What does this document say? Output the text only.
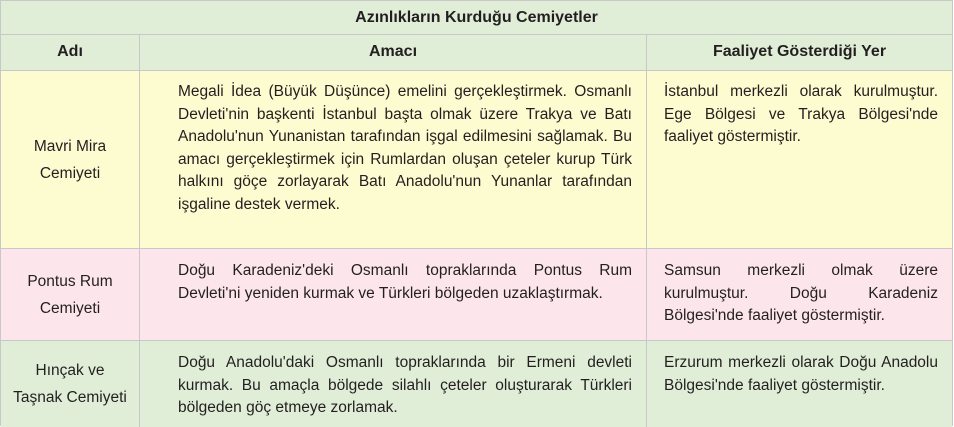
Azınlıkların Kurduğu Cemiyetler
Adı	Amacı	Faaliyet Gösterdiği Yer
Mavri Mira Cemiyeti
Megali İdea (Büyük Düşünce) emelini gerçekleştirmek. Osmanlı Devleti'nin başkenti İstanbul başta olmak üzere Trakya ve Batı Anadolu'nun Yunanistan tarafından işgal edilmesini sağlamak. Bu amacı gerçekleştirmek için Rumlardan oluşan çeteler kurup Türk halkını göçe zorlayarak Batı Anadolu'nun Yunanlar tarafından işgaline destek vermek.
İstanbul merkezli olarak kurulmuştur. Ege Bölgesi ve Trakya Bölgesi'nde faaliyet göstermiştir.
Pontus Rum Cemiyeti
Doğu Karadeniz'deki Osmanlı topraklarında Pontus Rum Devleti'ni yeniden kurmak ve Türkleri bölgeden uzaklaştırmak.
Samsun merkezli olmak üzere kurulmuştur. Doğu Karadeniz Bölgesi'nde faaliyet göstermiştir.
Hınçak ve Taşnak Cemiyeti
Doğu Anadolu'daki Osmanlı topraklarında bir Ermeni devleti kurmak. Bu amaçla bölgede silahlı çeteler oluşturarak Türkleri bölgeden göç etmeye zorlamak.
Erzurum merkezli olarak Doğu Anadolu Bölgesi'nde faaliyet göstermiştir.
